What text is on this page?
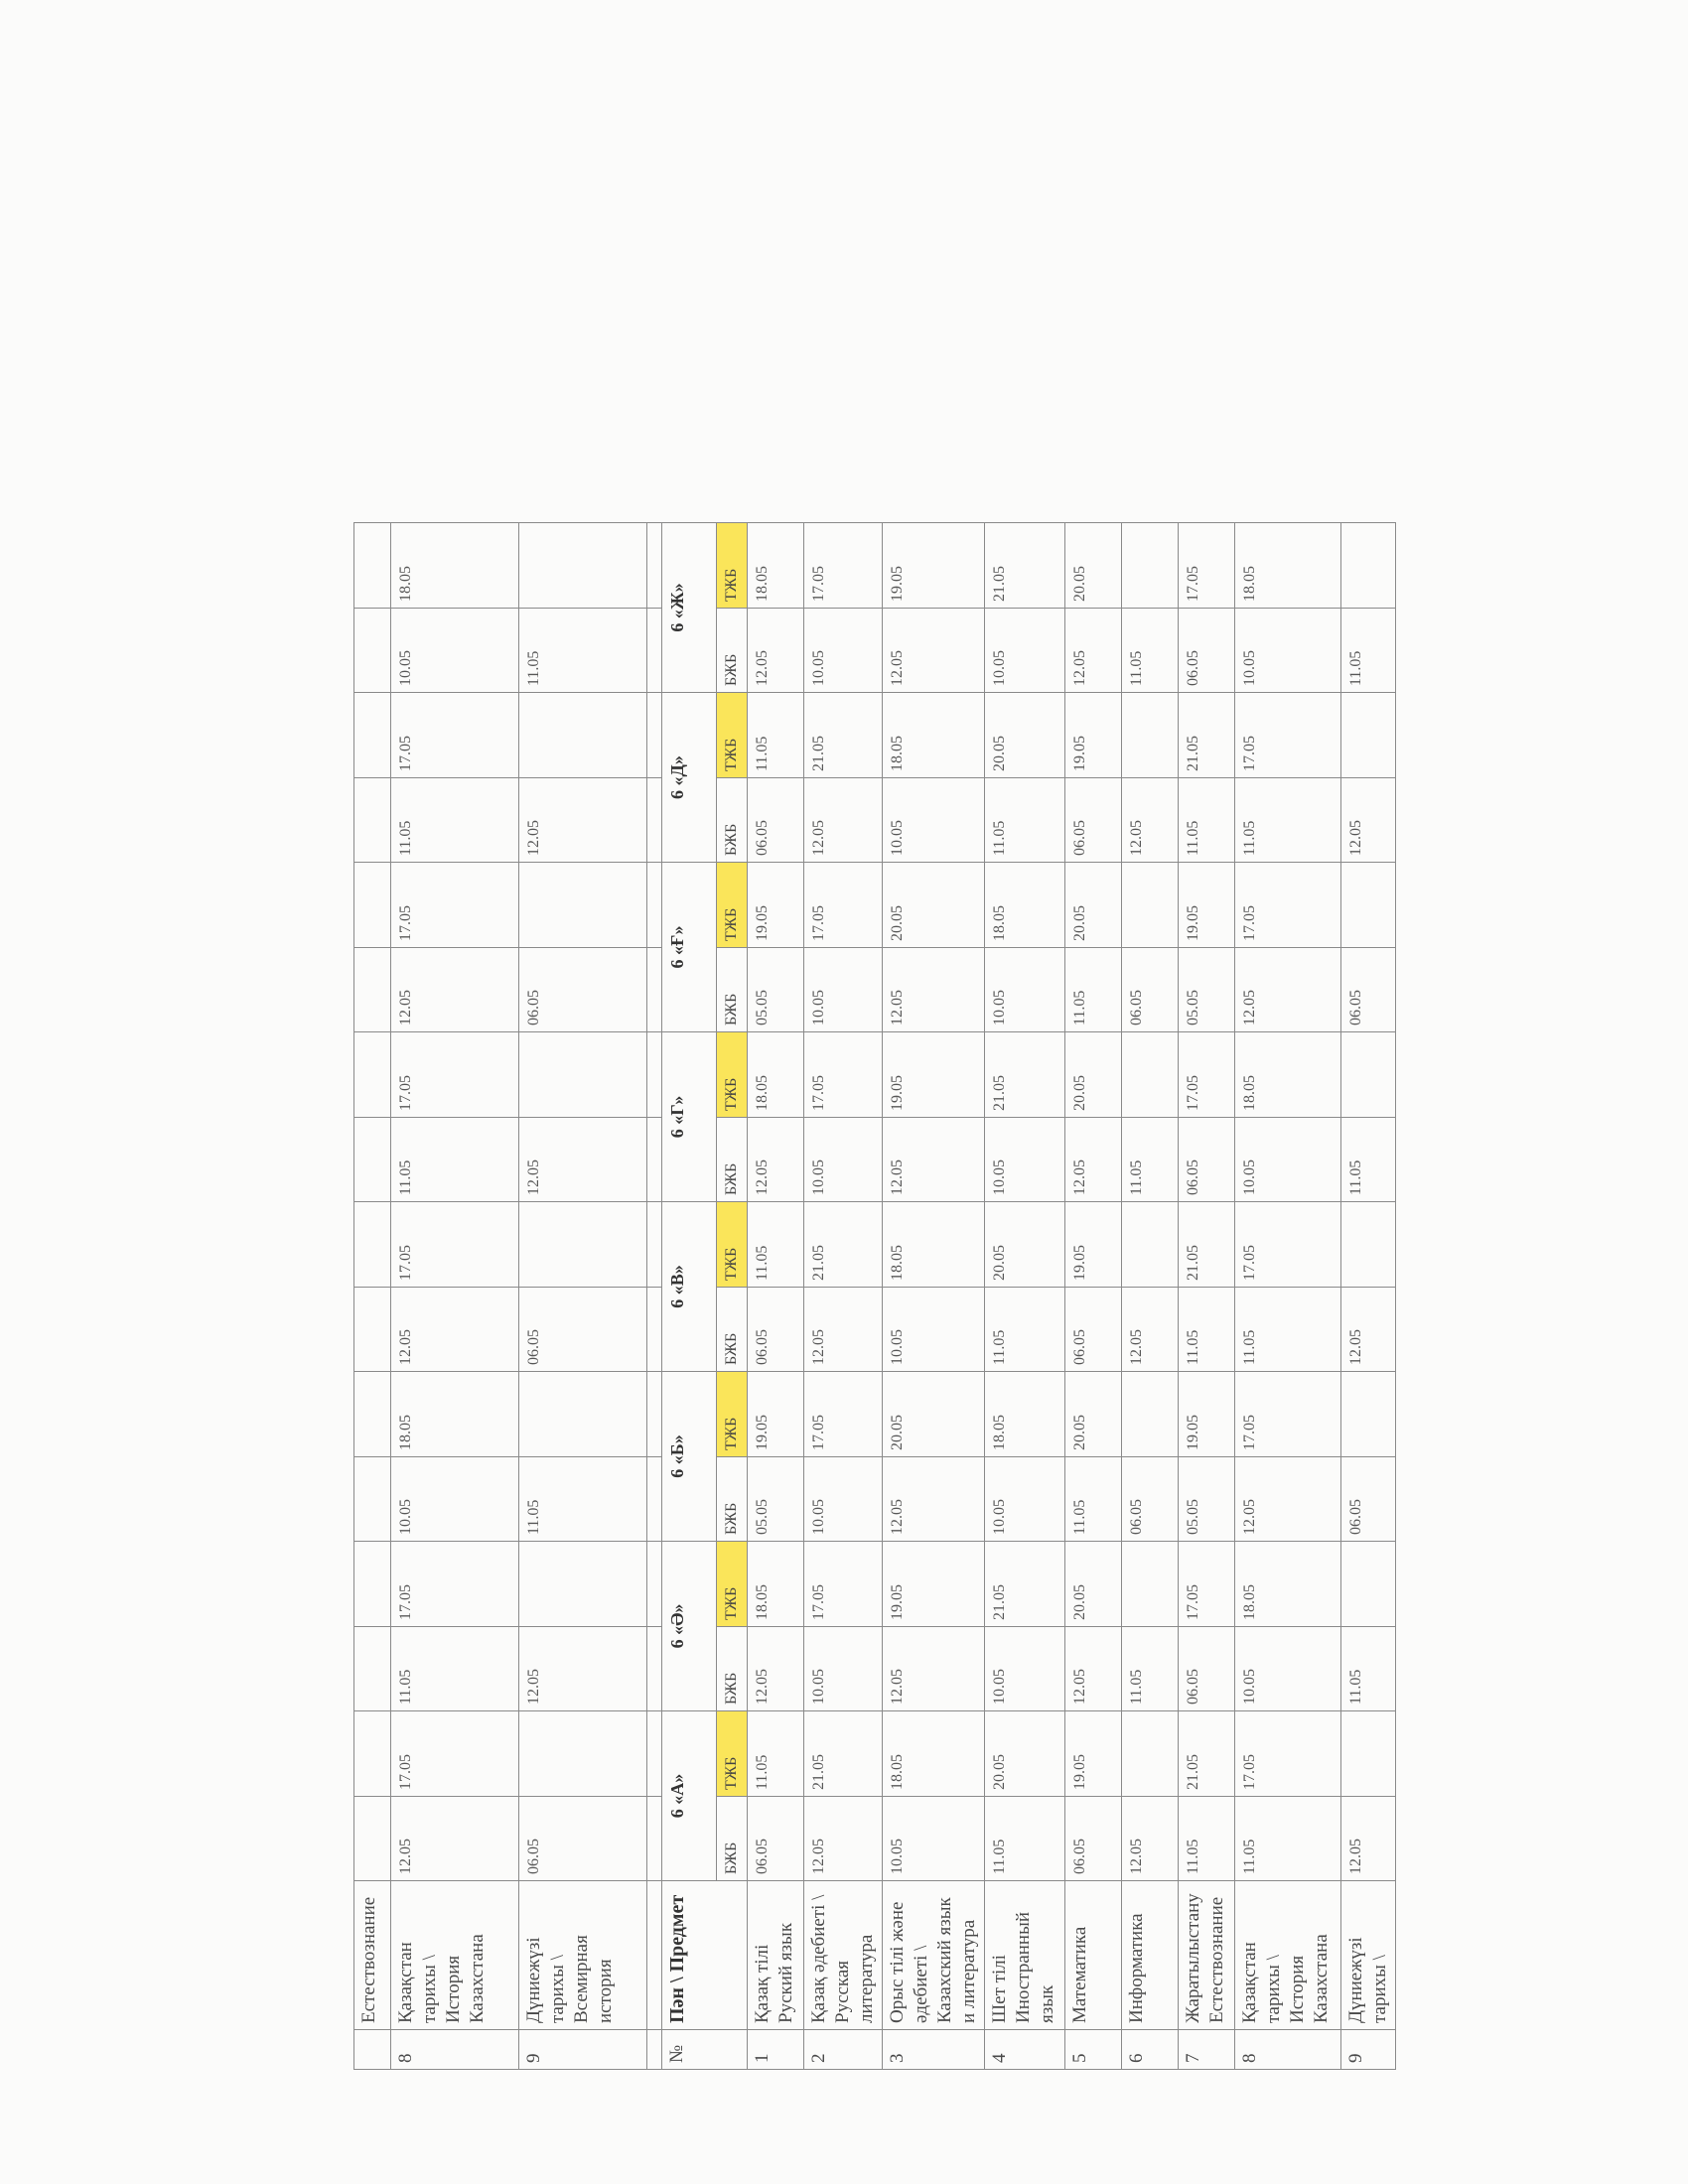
	Естествознание																		
8	Қазақстан тарихы \ История Казахстана	12.05	17.05	11.05	17.05	10.05	18.05	12.05	17.05	11.05	17.05	12.05	17.05	11.05	17.05	10.05	18.05		
9	Дүниежүзі тарихы \ Всемирная история	06.05		12.05		11.05		06.05		12.05		06.05		12.05		11.05			

№	Пән \ Предмет	6 «А»		6 «Ә»		6 «Б»		6 «В»		6 «Г»		6 «Ғ»		6 «Д»		6 «Ж»	
		БЖБ	ТЖБ	БЖБ	ТЖБ	БЖБ	ТЖБ	БЖБ	ТЖБ	БЖБ	ТЖБ	БЖБ	ТЖБ	БЖБ	ТЖБ	БЖБ	ТЖБ		
1	Қазақ тілі Руский язык	06.05	11.05	12.05	18.05	05.05	19.05	06.05	11.05	12.05	18.05	05.05	19.05	06.05	11.05	12.05	18.05		
2	Қазақ әдебиеті \ Русская литература	12.05	21.05	10.05	17.05	10.05	17.05	12.05	21.05	10.05	17.05	10.05	17.05	12.05	21.05	10.05	17.05		
3	Орыс тілі және әдебиеті \ Казахский язык и литература	10.05	18.05	12.05	19.05	12.05	20.05	10.05	18.05	12.05	19.05	12.05	20.05	10.05	18.05	12.05	19.05		
4	Шет тілі Иностранный язык	11.05	20.05	10.05	21.05	10.05	18.05	11.05	20.05	10.05	21.05	10.05	18.05	11.05	20.05	10.05	21.05		
5	Математика	06.05	19.05	12.05	20.05	11.05	20.05	06.05	19.05	12.05	20.05	11.05	20.05	06.05	19.05	12.05	20.05		
6	Информатика	12.05		11.05		06.05		12.05		11.05		06.05		12.05		11.05			
7	Жаратылыстану Естествознание	11.05	21.05	06.05	17.05	05.05	19.05	11.05	21.05	06.05	17.05	05.05	19.05	11.05	21.05	06.05	17.05		
8	Қазақстан тарихы \ История Казахстана	11.05	17.05	10.05	18.05	12.05	17.05	11.05	17.05	10.05	18.05	12.05	17.05	11.05	17.05	10.05	18.05		
9	Дүниежүзі тарихы \	12.05		11.05		06.05		12.05		11.05		06.05		12.05		11.05			
